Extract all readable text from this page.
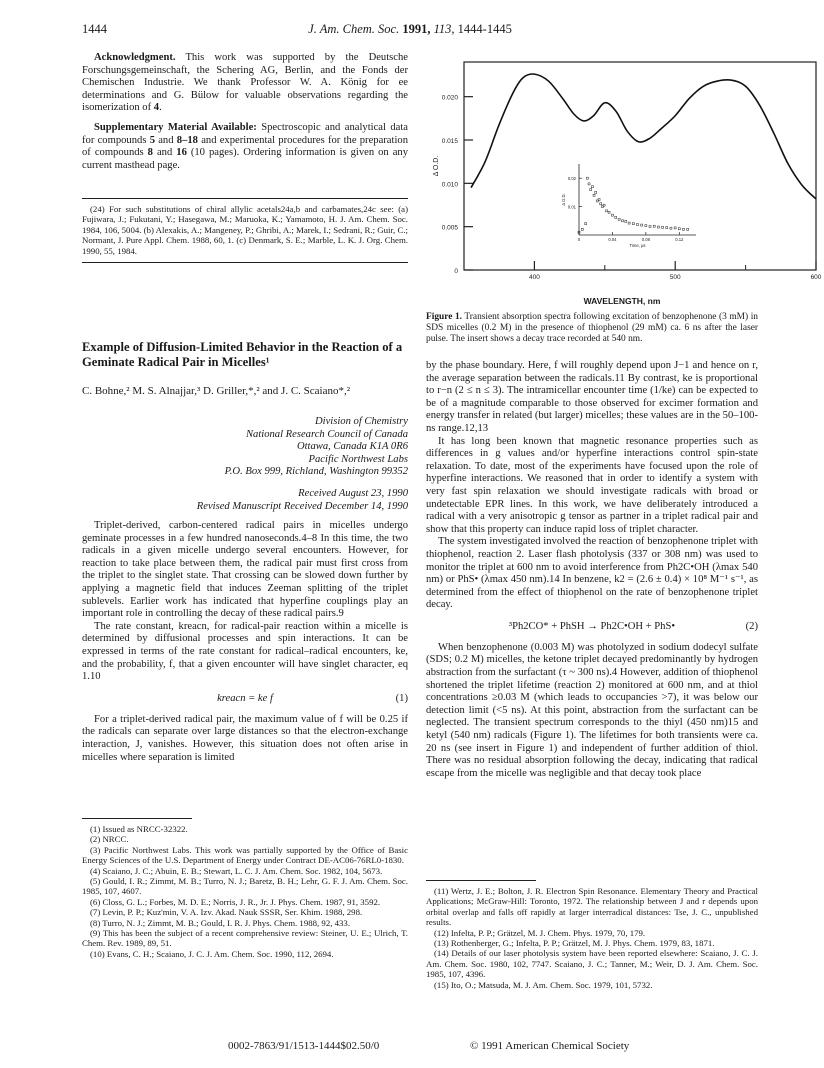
1444	J. Am. Chem. Soc. 1991, 113, 1444-1445

Acknowledgment. This work was supported by the Deutsche Forschungsgemeinschaft, the Schering AG, Berlin, and the Fonds der Chemischen Industrie. We thank Professor W. A. König for ee determinations and G. Bülow for valuable observations regarding the isomerization of 4.

Supplementary Material Available: Spectroscopic and analytical data for compounds 5 and 8–18 and experimental procedures for the preparation of compounds 8 and 16 (10 pages). Ordering information is given on any current masthead page.

(24) For such substitutions of chiral allylic acetals24a,b and carbamates,24c see: (a) Fujiwara, J.; Fukutani, Y.; Hasegawa, M.; Maruoka, K.; Yamamoto, H. J. Am. Chem. Soc. 1984, 106, 5004. (b) Alexakis, A.; Mangeney, P.; Ghribi, A.; Marek, I.; Sedrani, R.; Guir, C.; Normant, J. Pure Appl. Chem. 1988, 60, 1. (c) Denmark, S. E.; Marble, L. K. J. Org. Chem. 1990, 55, 1984.

Example of Diffusion-Limited Behavior in the Reaction of a Geminate Radical Pair in Micelles¹

C. Bohne,² M. S. Alnajjar,³ D. Griller,*,² and J. C. Scaiano*,²

Division of Chemistry
National Research Council of Canada
Ottawa, Canada K1A 0R6
Pacific Northwest Labs
P.O. Box 999, Richland, Washington 99352
Received August 23, 1990
Revised Manuscript Received December 14, 1990

Triplet-derived, carbon-centered radical pairs in micelles undergo geminate processes in a few hundred nanoseconds.4–8 In this time, the two radicals in a given micelle undergo several encounters. However, for reaction to take place between them, the radical pair must first cross from the triplet to the singlet state. That crossing can be slowed down further by applying a magnetic field that induces Zeeman splitting of the triplet sublevels. Earlier work has indicated that hyperfine couplings play an important role in controlling the decay of these radical pairs.9

The rate constant, kreacn, for radical-pair reaction within a micelle is determined by diffusional processes and spin interactions. It can be expressed in terms of the rate constant for radical–radical encounters, ke, and the probability, f, that a given encounter will have singlet character, eq 1.10

kreacn = ke f	(1)

For a triplet-derived radical pair, the maximum value of f will be 0.25 if the radicals can separate over large distances so that the electron-exchange interaction, J, vanishes. However, this situation does not often arise in micelles where separation is limited

(1) Issued as NRCC-32322.

(2) NRCC.

(3) Pacific Northwest Labs. This work was partially supported by the Office of Basic Energy Sciences of the U.S. Department of Energy under Contract DE-AC06-76RL0-1830.

(4) Scaiano, J. C.; Abuin, E. B.; Stewart, L. C. J. Am. Chem. Soc. 1982, 104, 5673.

(5) Gould, I. R.; Zimmt, M. B.; Turro, N. J.; Baretz, B. H.; Lehr, G. F. J. Am. Chem. Soc. 1985, 107, 4607.

(6) Closs, G. L.; Forbes, M. D. E.; Norris, J. R., Jr. J. Phys. Chem. 1987, 91, 3592.

(7) Levin, P. P.; Kuz'min, V. A. Izv. Akad. Nauk SSSR, Ser. Khim. 1988, 298.

(8) Turro, N. J.; Zimmt, M. B.; Gould, I. R. J. Phys. Chem. 1988, 92, 433.

(9) This has been the subject of a recent comprehensive review: Steiner, U. E.; Ulrich, T. Chem. Rev. 1989, 89, 51.

(10) Evans, C. H.; Scaiano, J. C. J. Am. Chem. Soc. 1990, 112, 2694.

0
0.005
0.010
0.015
0.020
400	500	600
Δ O.D.
0.01
0.02
0	0.04	0.08	0.12
Δ O.D.
Time, μs
WAVELENGTH, nm

Figure 1. Transient absorption spectra following excitation of benzophenone (3 mM) in SDS micelles (0.2 M) in the presence of thiophenol (29 mM) ca. 6 ns after the laser pulse. The insert shows a decay trace recorded at 540 nm.

by the phase boundary. Here, f will roughly depend upon J−1 and hence on r, the average separation between the radicals.11 By contrast, ke is proportional to r−n (2 ≤ n ≤ 3). The intramicellar encounter time (1/ke) can be expected to be of a magnitude comparable to those observed for excimer formation and energy transfer in related (but larger) micelles; these values are in the 50–100-ns range.12,13

It has long been known that magnetic resonance properties such as differences in g values and/or hyperfine interactions control spin-state relaxation. To date, most of the experiments have focused upon the role of hyperfine interactions. We reasoned that in order to identify a system with very fast spin relaxation we should investigate radicals with broad or undetectable EPR lines. In this work, we have deliberately introduced a radical with a very anisotropic g tensor as partner in a triplet radical pair and show that this property can induce rapid loss of triplet character.

The system investigated involved the reaction of benzophenone triplet with thiophenol, reaction 2. Laser flash photolysis (337 or 308 nm) was used to monitor the triplet at 600 nm to avoid interference from Ph2C•OH (λmax 540 nm) or PhS• (λmax 450 nm).14 In benzene, k2 = (2.6 ± 0.4) × 10⁸ M⁻¹ s⁻¹, as determined from the effect of thiophenol on the rate of benzophenone triplet decay.

³Ph2CO* + PhSH → Ph2C•OH + PhS•	(2)

When benzophenone (0.003 M) was photolyzed in sodium dodecyl sulfate (SDS; 0.2 M) micelles, the ketone triplet decayed predominantly by hydrogen abstraction from the surfactant (τ ~ 300 ns).4 However, addition of thiophenol shortened the triplet lifetime (reaction 2) monitored at 600 nm, and at thiol concentrations ≥0.03 M (which leads to occupancies >7), it was below our detection limit (<5 ns). At this point, abstraction from the surfactant can be neglected. The transient spectrum corresponds to the thiyl (450 nm)15 and ketyl (540 nm) radicals (Figure 1). The lifetimes for both transients were ca. 20 ns (see insert in Figure 1) and independent of further addition of thiol. There was no residual absorption following the decay, indicating that radical escape from the micelle was negligible and that decay took place

(11) Wertz, J. E.; Bolton, J. R. Electron Spin Resonance. Elementary Theory and Practical Applications; McGraw-Hill: Toronto, 1972. The relationship between J and r depends upon orbital overlap and falls off rapidly at larger interradical distances: Tse, J. C., unpublished results.

(12) Infelta, P. P.; Grätzel, M. J. Chem. Phys. 1979, 70, 179.

(13) Rothenberger, G.; Infelta, P. P.; Grätzel, M. J. Phys. Chem. 1979, 83, 1871.

(14) Details of our laser photolysis system have been reported elsewhere: Scaiano, J. C. J. Am. Chem. Soc. 1980, 102, 7747. Scaiano, J. C.; Tanner, M.; Weir, D. J. Am. Chem. Soc. 1985, 107, 4396.

(15) Ito, O.; Matsuda, M. J. Am. Chem. Soc. 1979, 101, 5732.

0002-7863/91/1513-1444$02.50/0	© 1991 American Chemical Society
